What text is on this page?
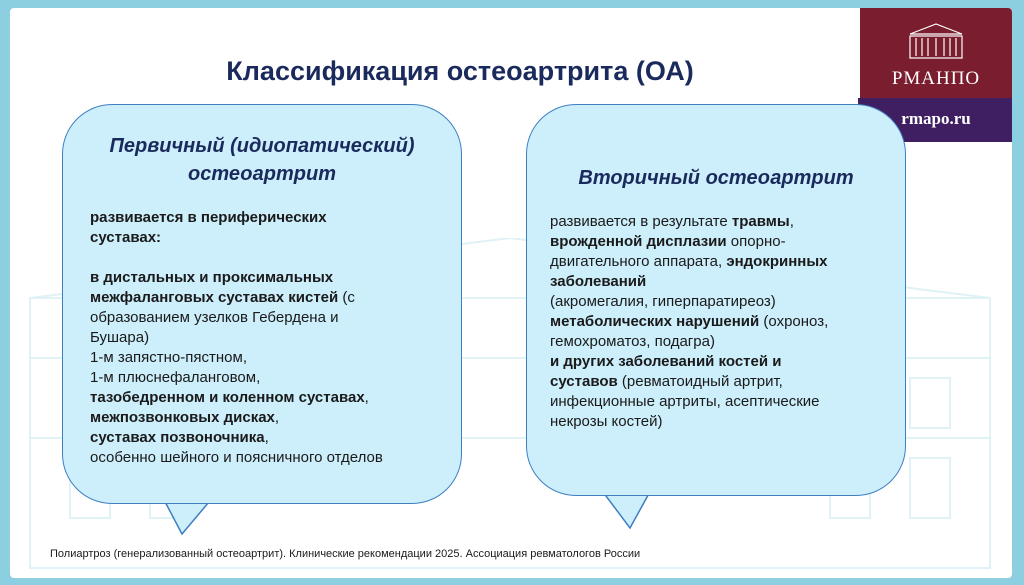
Классификация остеоартрита (ОА)	РМАНПО
rmapo.ru
Первичный (идиопатический)
остеоартрит
развивается в периферических
суставах:
в дистальных и проксимальных
межфаланговых суставах кистей (с
образованием узелков Гебердена и
Бушара)
1-м запястно-пястном,
1-м плюснефаланговом,
тазобедренном и коленном суставах,
межпозвонковых дисках,
суставах позвоночника,
особенно шейного и поясничного отделов
Вторичный остеоартрит
развивается в результате травмы,
врожденной дисплазии опорно-
двигательного аппарата, эндокринных
заболеваний
(акромегалия, гиперпаратиреоз)
метаболических нарушений (охроноз,
гемохроматоз, подагра)
и других заболеваний костей и
суставов (ревматоидный артрит,
инфекционные артриты, асептические
некрозы костей)
Полиартроз (генерализованный остеоартрит). Клинические рекомендации 2025. Ассоциация ревматологов России
